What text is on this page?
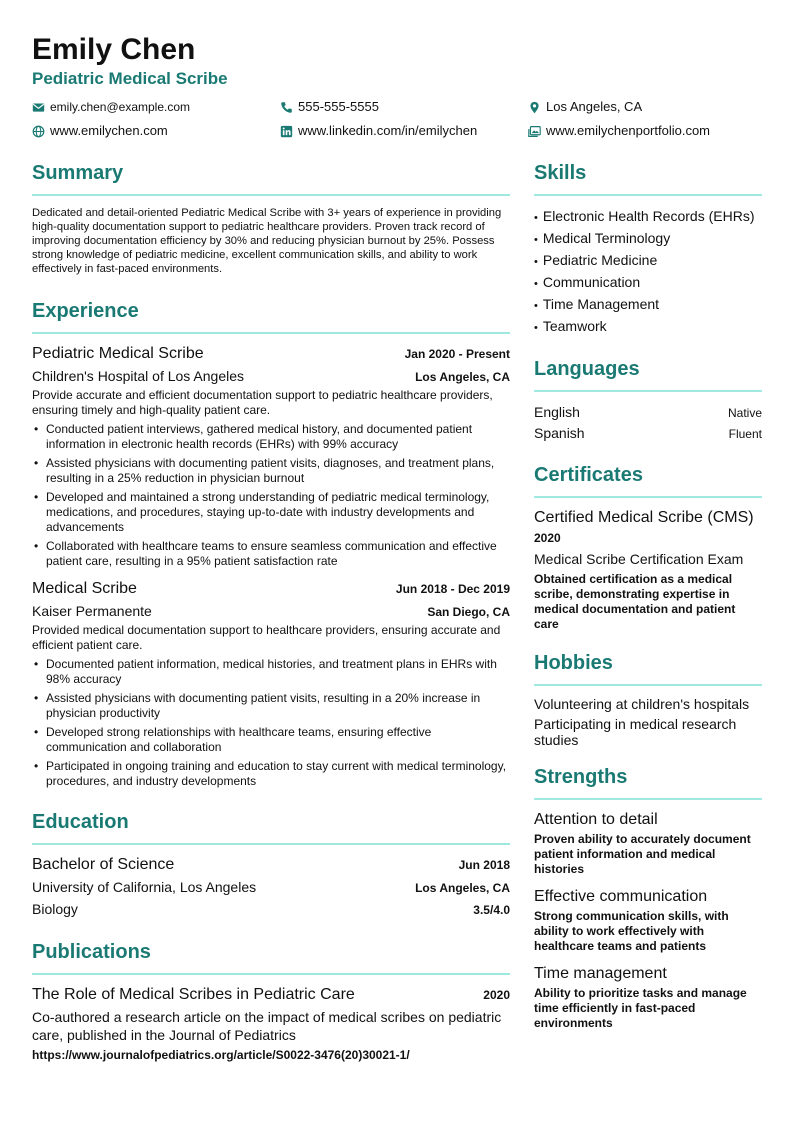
Emily Chen
Pediatric Medical Scribe
emily.chen@example.com	555-555-5555	Los Angeles, CA
www.emilychen.com	www.linkedin.com/in/emilychen	www.emilychenportfolio.com
Summary
Dedicated and detail-oriented Pediatric Medical Scribe with 3+ years of experience in providing high-quality documentation support to pediatric healthcare providers. Proven track record of improving documentation efficiency by 30% and reducing physician burnout by 25%. Possess strong knowledge of pediatric medicine, excellent communication skills, and ability to work effectively in fast-paced environments.
Experience
Pediatric Medical Scribe	Jan 2020 - Present
Children's Hospital of Los Angeles	Los Angeles, CA
Provide accurate and efficient documentation support to pediatric healthcare providers, ensuring timely and high-quality patient care.
• Conducted patient interviews, gathered medical history, and documented patient information in electronic health records (EHRs) with 99% accuracy
• Assisted physicians with documenting patient visits, diagnoses, and treatment plans, resulting in a 25% reduction in physician burnout
• Developed and maintained a strong understanding of pediatric medical terminology, medications, and procedures, staying up-to-date with industry developments and advancements
• Collaborated with healthcare teams to ensure seamless communication and effective patient care, resulting in a 95% patient satisfaction rate
Medical Scribe	Jun 2018 - Dec 2019
Kaiser Permanente	San Diego, CA
Provided medical documentation support to healthcare providers, ensuring accurate and efficient patient care.
• Documented patient information, medical histories, and treatment plans in EHRs with 98% accuracy
• Assisted physicians with documenting patient visits, resulting in a 20% increase in physician productivity
• Developed strong relationships with healthcare teams, ensuring effective communication and collaboration
• Participated in ongoing training and education to stay current with medical terminology, procedures, and industry developments
Education
Bachelor of Science	Jun 2018
University of California, Los Angeles	Los Angeles, CA
Biology	3.5/4.0
Publications
The Role of Medical Scribes in Pediatric Care	2020
Co-authored a research article on the impact of medical scribes on pediatric care, published in the Journal of Pediatrics
https://www.journalofpediatrics.org/article/S0022-3476(20)30021-1/
Skills
• Electronic Health Records (EHRs)
• Medical Terminology
• Pediatric Medicine
• Communication
• Time Management
• Teamwork
Languages
English	Native
Spanish	Fluent
Certificates
Certified Medical Scribe (CMS)
2020
Medical Scribe Certification Exam
Obtained certification as a medical scribe, demonstrating expertise in medical documentation and patient care
Hobbies
Volunteering at children's hospitals
Participating in medical research studies
Strengths
Attention to detail
Proven ability to accurately document patient information and medical histories
Effective communication
Strong communication skills, with ability to work effectively with healthcare teams and patients
Time management
Ability to prioritize tasks and manage time efficiently in fast-paced environments
